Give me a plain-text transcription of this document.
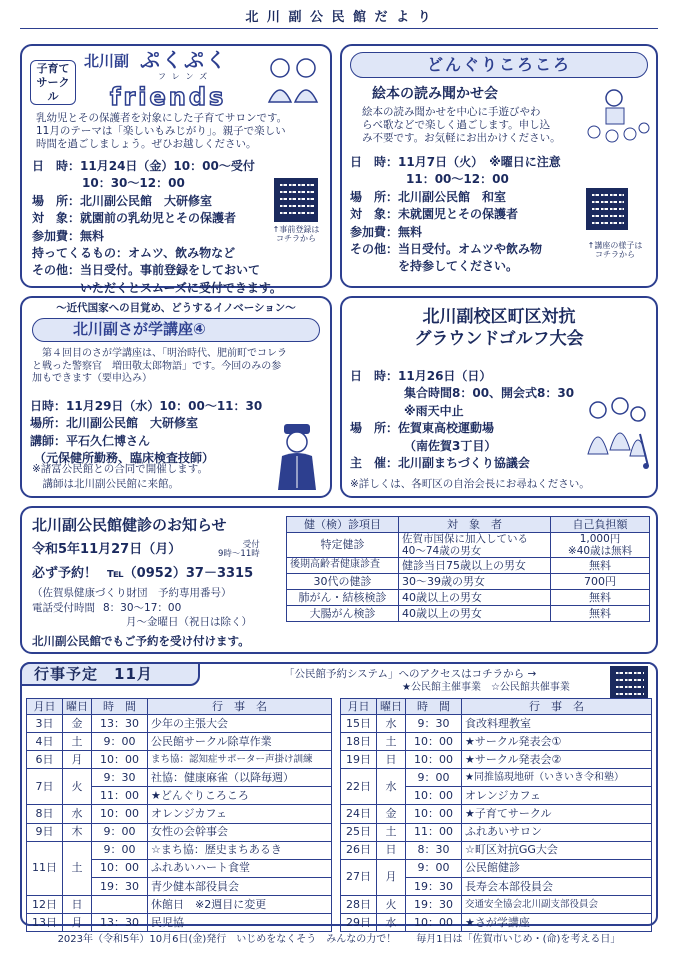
北 川 副 公 民 館 だ よ り
子育て
サークル
北川副 ぷくぷく
フレンズ
friends
乳幼児とその保護者を対象にした子育てサロンです。
11月のテーマは「楽しいもみじがり」。親子で楽しい
時間を過ごしましょう。ぜひお越しください。
日　時： 11月24日（金）10：00～受付
10：30～12：00
場　所： 北川副公民館　大研修室
対　象： 就園前の乳幼児とその保護者
参加費： 無料
持ってくるもの： オムツ、飲み物など
その他： 当日受付。事前登録をしておいて
いただくとスムーズに受付できます。
↑事前登録は
コチラから
どんぐりころころ
絵本の読み聞かせ会
絵本の読み聞かせを中心に手遊びやわ
らべ歌などで楽しく過ごします。申し込
み不要です。お気軽にお出かけください。
日　時： 11月7日（火） ※曜日に注意
11：00～12：00
場　所： 北川副公民館　和室
対　象： 未就園児とその保護者
参加費： 無料
その他： 当日受付。オムツや飲み物
を持参してください。
↑講座の様子は
コチラから
～近代国家への目覚め、どうするイノベーション～
北川副さが学講座④
　第４回目のさが学講座は、「明治時代、肥前町でコレラ
と戦った警察官　増田敬太郎物語」です。今回のみの参
加もできます（要申込み）
日時： 11月29日（水）10：00～11：30
場所： 北川副公民館　大研修室
講師： 平石久仁博さん
（元保健所勤務、臨床検査技師）
※諸富公民館との合同で開催します。
　講師は北川副公民館に来館。
北川副校区町区対抗
グラウンドゴルフ大会
日　時： 11月26日（日）
集合時間8：00、開会式8：30
※雨天中止
場　所： 佐賀東高校運動場
（南佐賀3丁目）
主　催： 北川副まちづくり協議会
※詳しくは、各町区の自治会長にお尋ねください。
北川副公民館健診のお知らせ
令和5年11月27日（月）	受付
9時～11時
必ず予約！ ℡（0952）37－3315
（佐賀県健康づくり財団　予約専用番号）
電話受付時間 8：30～17：00
月～金曜日（祝日は除く）
北川副公民館でもご予約を受け付けます。
健（検）診項目	対　象　者	自己負担額
特定健診	佐賀市国保に加入している
40～74歳の男女	1,000円
※40歳は無料
後期高齢者健康診査	健診当日75歳以上の男女	無料
30代の健診	30～39歳の男女	700円
肺がん・結核検診	40歳以上の男女	無料
大腸がん検診	40歳以上の男女	無料
行事予定　11月	「公民館予約システム」へのアクセスはコチラから →
★公民館主催事業　☆公民館共催事業
月日	曜日	時　間	行　事　名
3日	金	13：30	少年の主張大会
4日	土	9：00	公民館サークル除草作業
6日	月	10：00	まち協：認知症サポーター声掛け訓練
7日	火	9：30	社協：健康麻雀（以降毎週）
		11：00	★どんぐりころころ
8日	水	10：00	オレンジカフェ
9日	木	9：00	女性の会幹事会
11日	土	9：00	☆まち協：歴史まちあるき
		10：00	ふれあいハート食堂
		19：30	青少健本部役員会
12日	日		休館日　※2週目に変更
13日	月	13：30	民児協
月日	曜日	時　間	行　事　名
15日	水	9：30	食改料理教室
18日	土	10：00	★サークル発表会①
19日	日	10：00	★サークル発表会②
22日	水	9：00	★同推協現地研（いきいき令和塾）
		10：00	オレンジカフェ
24日	金	10：00	★子育てサークル
25日	土	11：00	ふれあいサロン
26日	日	8：30	☆町区対抗GG大会
27日	月	9：00	公民館健診
		19：30	長寿会本部役員会
28日	火	19：30	交通安全協会北川副支部役員会
29日	水	10：00	★さが学講座
2023年（令和5年）10月6日(金)発行　いじめをなくそう　みんなの力で！　　毎月1日は「佐賀市いじめ・(命)を考える日」
